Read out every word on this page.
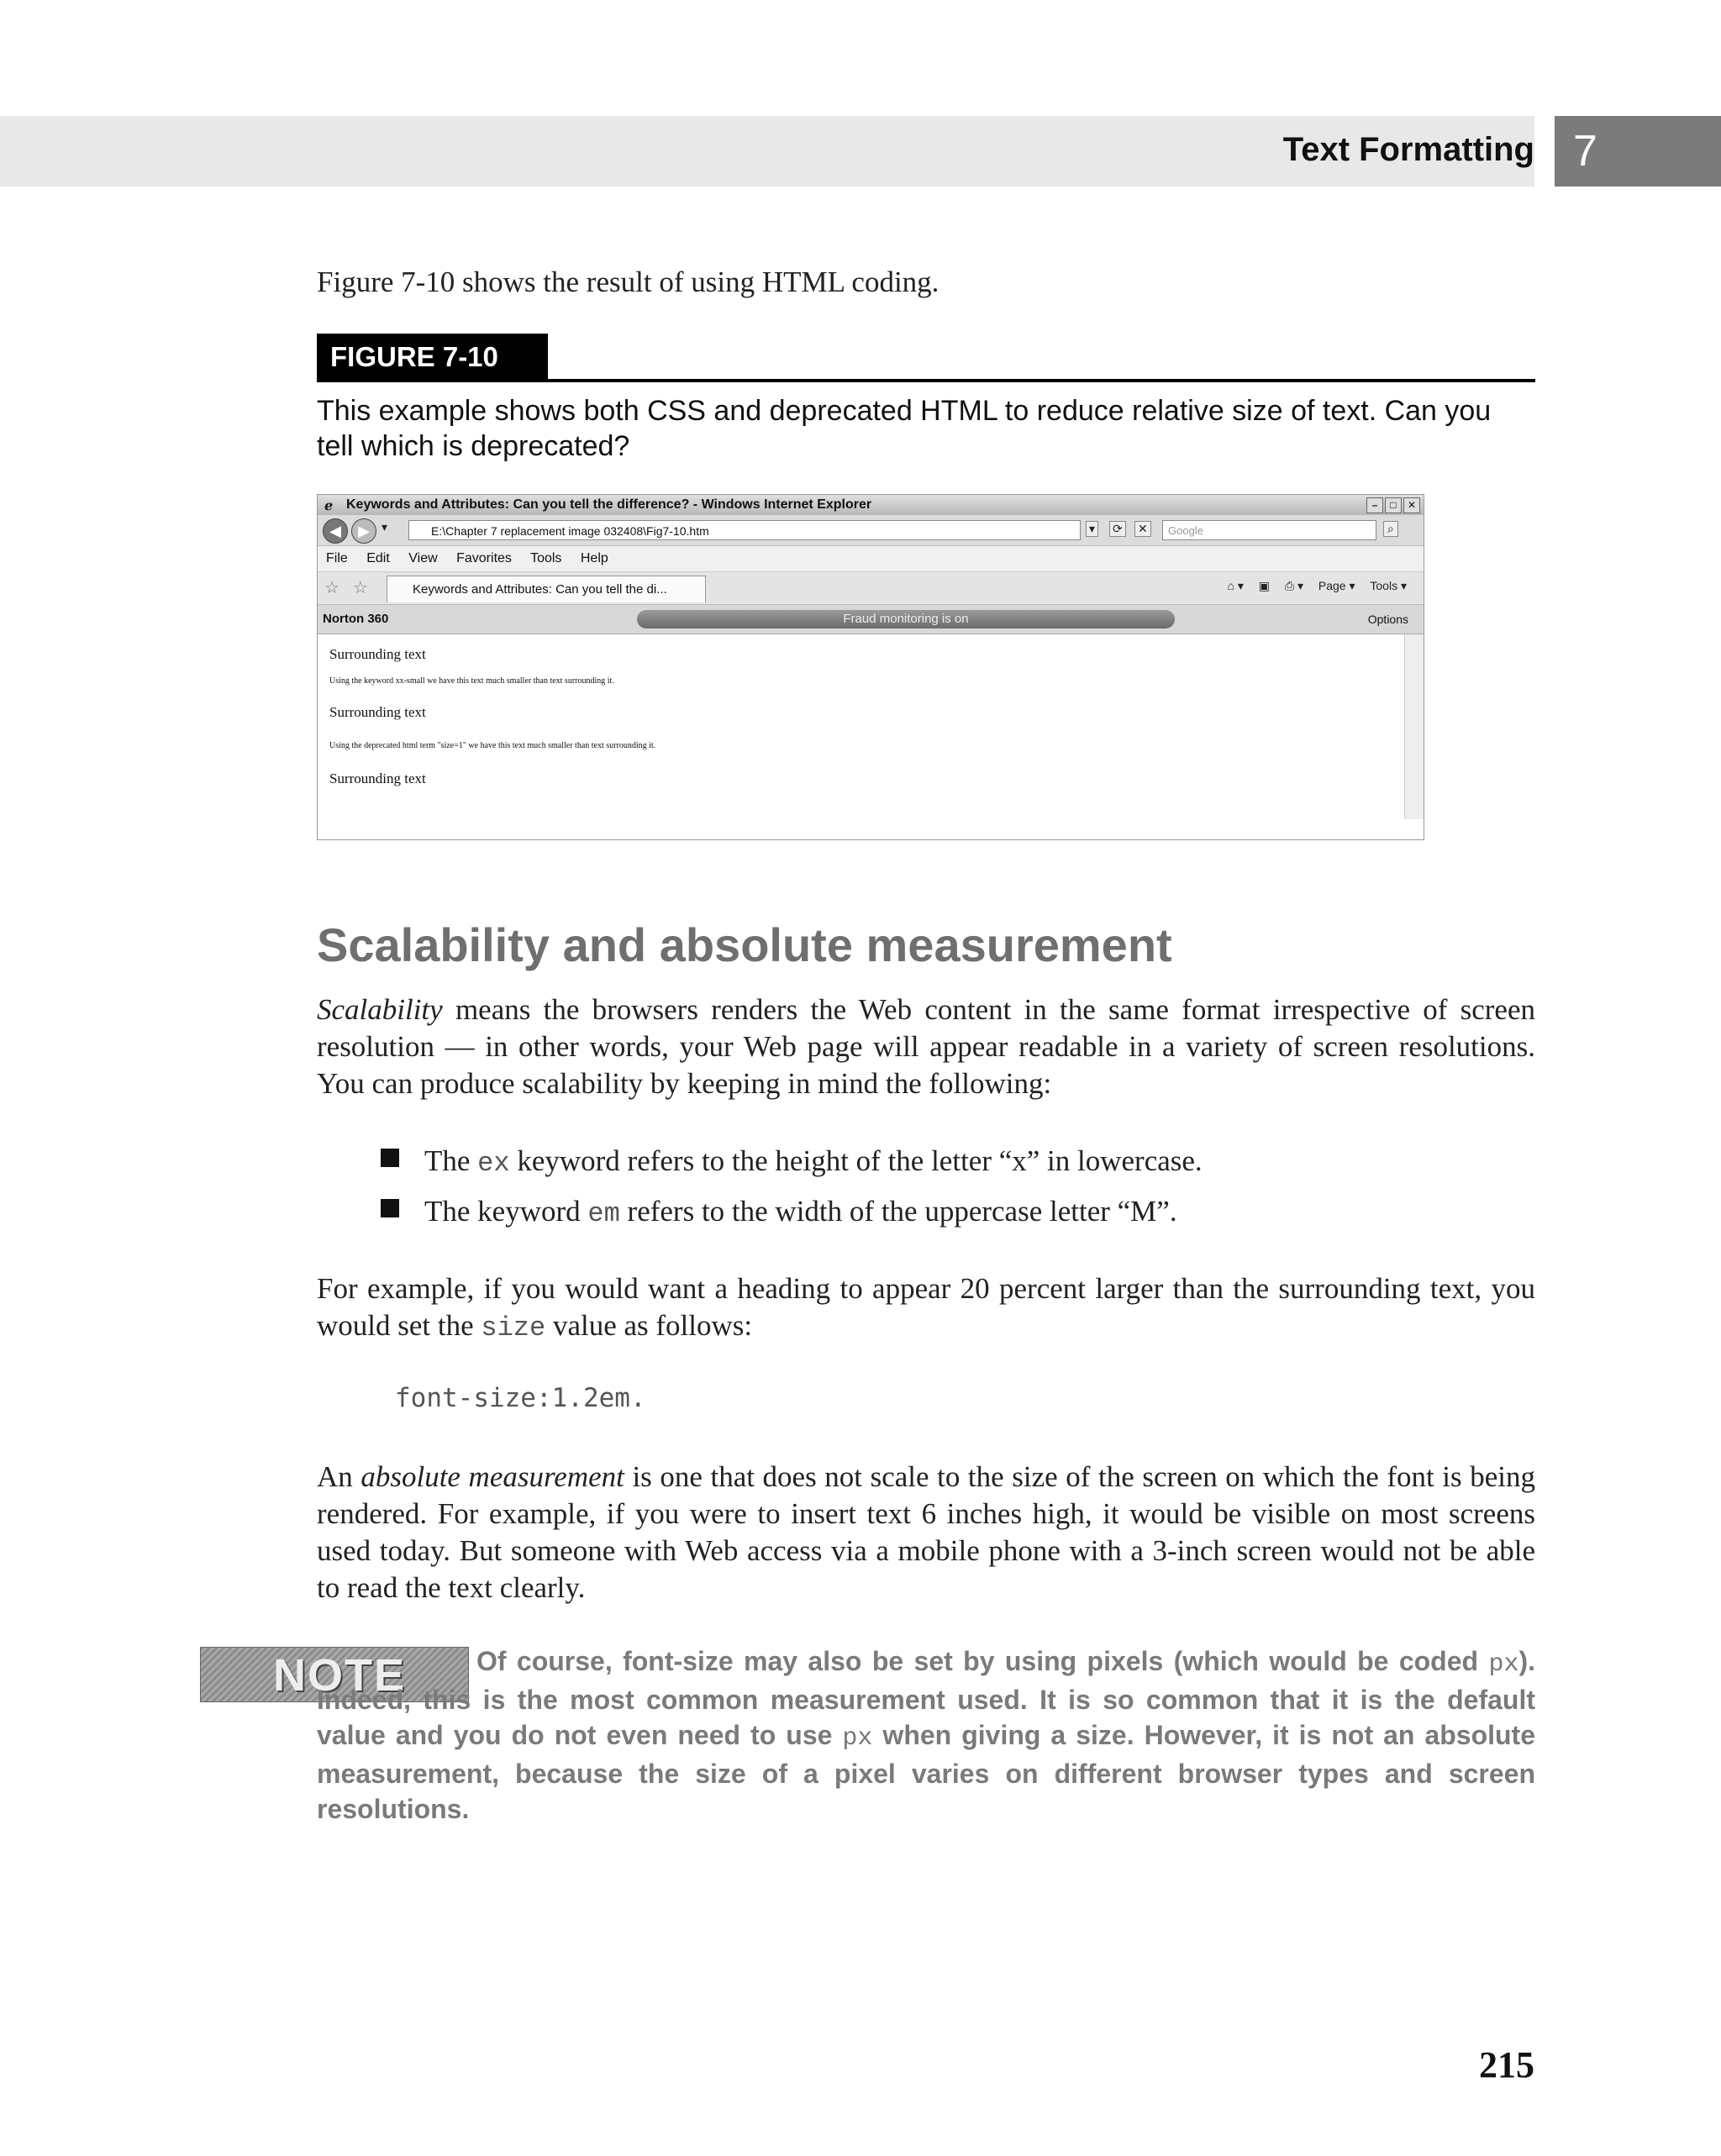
Text Formatting 7
Figure 7-10 shows the result of using HTML coding.
FIGURE 7-10
This example shows both CSS and deprecated HTML to reduce relative size of text. Can you tell which is deprecated?
ℯ Keywords and Attributes: Can you tell the difference? - Windows Internet Explorer	–	□	✕
◀	▶	▾	E:\Chapter 7 replacement image 032408\Fig7-10.htm	▾ ⟳ ✕	Google	⌕
File Edit View Favorites Tools Help
☆ ☆	Keywords and Attributes: Can you tell the di...	⌂ ▾ ▣ ⎙ ▾ Page ▾ Tools ▾
Norton 360	Fraud monitoring is on	Options
Surrounding text
Using the keyword xx-small we have this text much smaller than text surrounding it.
Surrounding text
Using the deprecated html term "size=1" we have this text much smaller than text surrounding it.
Surrounding text
Scalability and absolute measurement
Scalability means the browsers renders the Web content in the same format irrespective of screen resolution — in other words, your Web page will appear readable in a variety of screen resolutions. You can produce scalability by keeping in mind the following:
The ex keyword refers to the height of the letter “x” in lowercase.
The keyword em refers to the width of the uppercase letter “M”.
For example, if you would want a heading to appear 20 percent larger than the surrounding text, you would set the size value as follows:
font-size:1.2em.
An absolute measurement is one that does not scale to the size of the screen on which the font is being rendered. For example, if you were to insert text 6 inches high, it would be visible on most screens used today. But someone with Web access via a mobile phone with a 3-inch screen would not be able to read the text clearly.
NOTE	Of course, font-size may also be set by using pixels (which would be coded px). Indeed, this is the most common measurement used. It is so common that it is the default value and you do not even need to use px when giving a size. However, it is not an absolute measurement, because the size of a pixel varies on different browser types and screen resolutions.
215
